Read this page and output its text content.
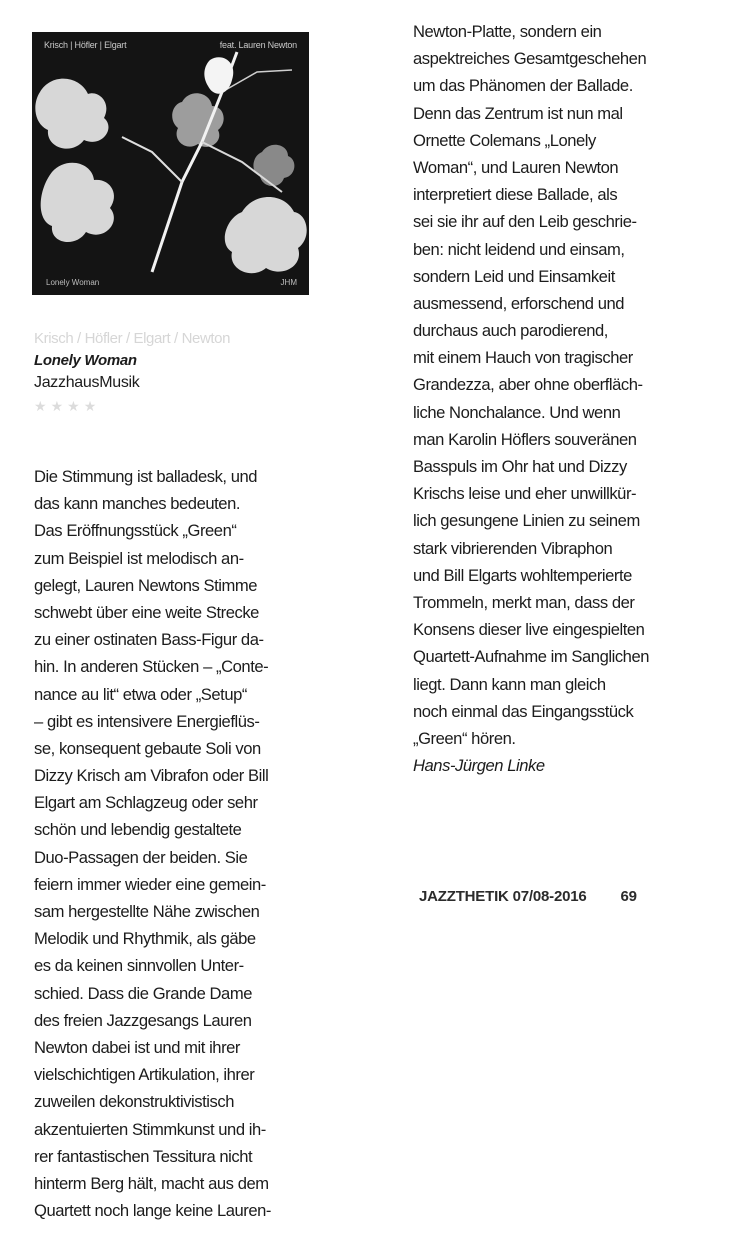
Krisch | Höfler | Elgart	feat. Lauren Newton
Lonely Woman	JHM
Krisch / Höfler / Elgart / Newton
Lonely Woman
JazzhausMusik
★ ★ ★ ★
Die Stimmung ist balladesk, und
das kann manches bedeuten.
Das Eröffnungsstück „Green“
zum Beispiel ist melodisch an-
gelegt, Lauren Newtons Stimme
schwebt über eine weite Strecke
zu einer ostinaten Bass-Figur da-
hin. In anderen Stücken – „Conte-
nance au lit“ etwa oder „Setup“
– gibt es intensivere Energieflüs-
se, konsequent gebaute Soli von
Dizzy Krisch am Vibrafon oder Bill
Elgart am Schlagzeug oder sehr
schön und lebendig gestaltete
Duo-Passagen der beiden. Sie
feiern immer wieder eine gemein-
sam hergestellte Nähe zwischen
Melodik und Rhythmik, als gäbe
es da keinen sinnvollen Unter-
schied. Dass die Grande Dame
des freien Jazzgesangs Lauren
Newton dabei ist und mit ihrer
vielschichtigen Artikulation, ihrer
zuweilen dekonstruktivistisch
akzentuierten Stimmkunst und ih-
rer fantastischen Tessitura nicht
hinterm Berg hält, macht aus dem
Quartett noch lange keine Lauren-
Newton-Platte, sondern ein
aspektreiches Gesamtgeschehen
um das Phänomen der Ballade.
Denn das Zentrum ist nun mal
Ornette Colemans „Lonely
Woman“, und Lauren Newton
interpretiert diese Ballade, als
sei sie ihr auf den Leib geschrie-
ben: nicht leidend und einsam,
sondern Leid und Einsamkeit
ausmessend, erforschend und
durchaus auch parodierend,
mit einem Hauch von tragischer
Grandezza, aber ohne oberfläch-
liche Nonchalance. Und wenn
man Karolin Höflers souveränen
Basspuls im Ohr hat und Dizzy
Krischs leise und eher unwillkür-
lich gesungene Linien zu seinem
stark vibrierenden Vibraphon
und Bill Elgarts wohltemperierte
Trommeln, merkt man, dass der
Konsens dieser live eingespielten
Quartett-Aufnahme im Sanglichen
liegt. Dann kann man gleich
noch einmal das Eingangsstück
„Green“ hören.
Hans-Jürgen Linke
JAZZTHETIK 07/08-2016 69
